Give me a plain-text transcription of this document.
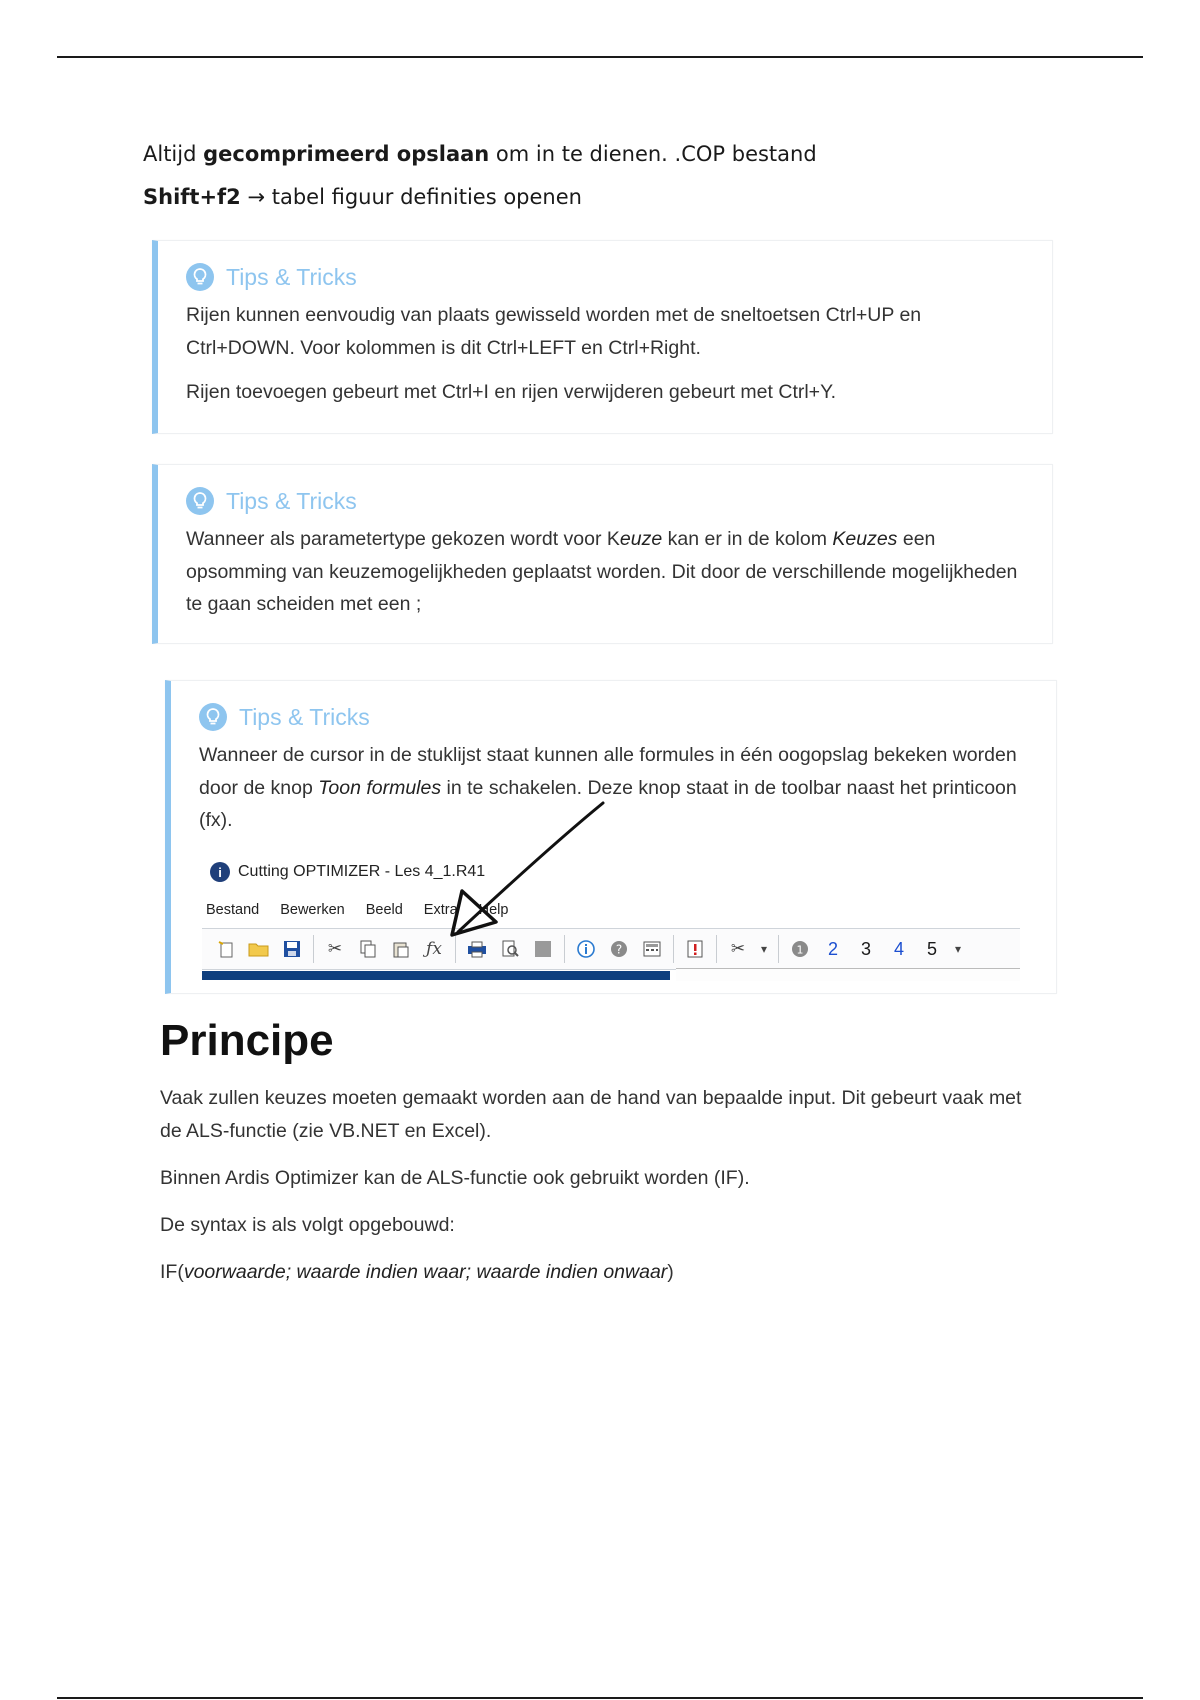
Altijd gecomprimeerd opslaan om in te dienen. .COP bestand
Shift+f2 → tabel figuur definities openen
Tips & Tricks

Rijen kunnen eenvoudig van plaats gewisseld worden met de sneltoetsen Ctrl+UP en Ctrl+DOWN. Voor kolommen is dit Ctrl+LEFT en Ctrl+Right.

Rijen toevoegen gebeurt met Ctrl+I en rijen verwijderen gebeurt met Ctrl+Y.

Tips & Tricks

Wanneer als parametertype gekozen wordt voor Keuze kan er in de kolom Keuzes een opsomming van keuzemogelijkheden geplaatst worden. Dit door de verschillende mogelijkheden te gaan scheiden met een ;

Tips & Tricks

Wanneer de cursor in de stuklijst staat kunnen alle formules in één oogopslag bekeken worden door de knop Toon formules in te schakelen. Deze knop staat in de toolbar naast het printicoon (fx).

i	Cutting OPTIMIZER - Les 4_1.R41
Bestand Bewerken Beeld Extra Help
✂	ƒx	?	✂	▾	1	2	3	4	5	▾
Principe

Vaak zullen keuzes moeten gemaakt worden aan de hand van bepaalde input. Dit gebeurt vaak met de ALS-functie (zie VB.NET en Excel).

Binnen Ardis Optimizer kan de ALS-functie ook gebruikt worden (IF).

De syntax is als volgt opgebouwd:

IF(voorwaarde; waarde indien waar; waarde indien onwaar)
